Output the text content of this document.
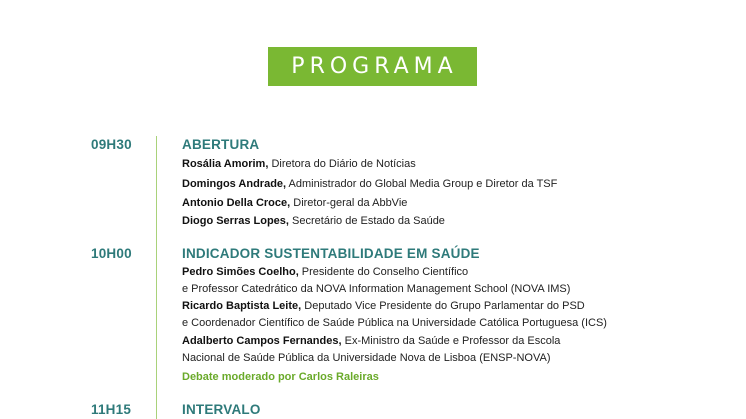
PROGRAMA
09H30	ABERTURA
Rosália Amorim, Diretora do Diário de Notícias
Domingos Andrade, Administrador do Global Media Group e Diretor da TSF
Antonio Della Croce, Diretor-geral da AbbVie
Diogo Serras Lopes, Secretário de Estado da Saúde
10H00	INDICADOR SUSTENTABILIDADE EM SAÚDE
Pedro Simões Coelho, Presidente do Conselho Científico
e Professor Catedrático da NOVA Information Management School (NOVA IMS)
Ricardo Baptista Leite, Deputado Vice Presidente do Grupo Parlamentar do PSD
e Coordenador Científico de Saúde Pública na Universidade Católica Portuguesa (ICS)
Adalberto Campos Fernandes, Ex-Ministro da Saúde e Professor da Escola
Nacional de Saúde Pública da Universidade Nova de Lisboa (ENSP-NOVA)
Debate moderado por Carlos Raleiras
11H15	INTERVALO
